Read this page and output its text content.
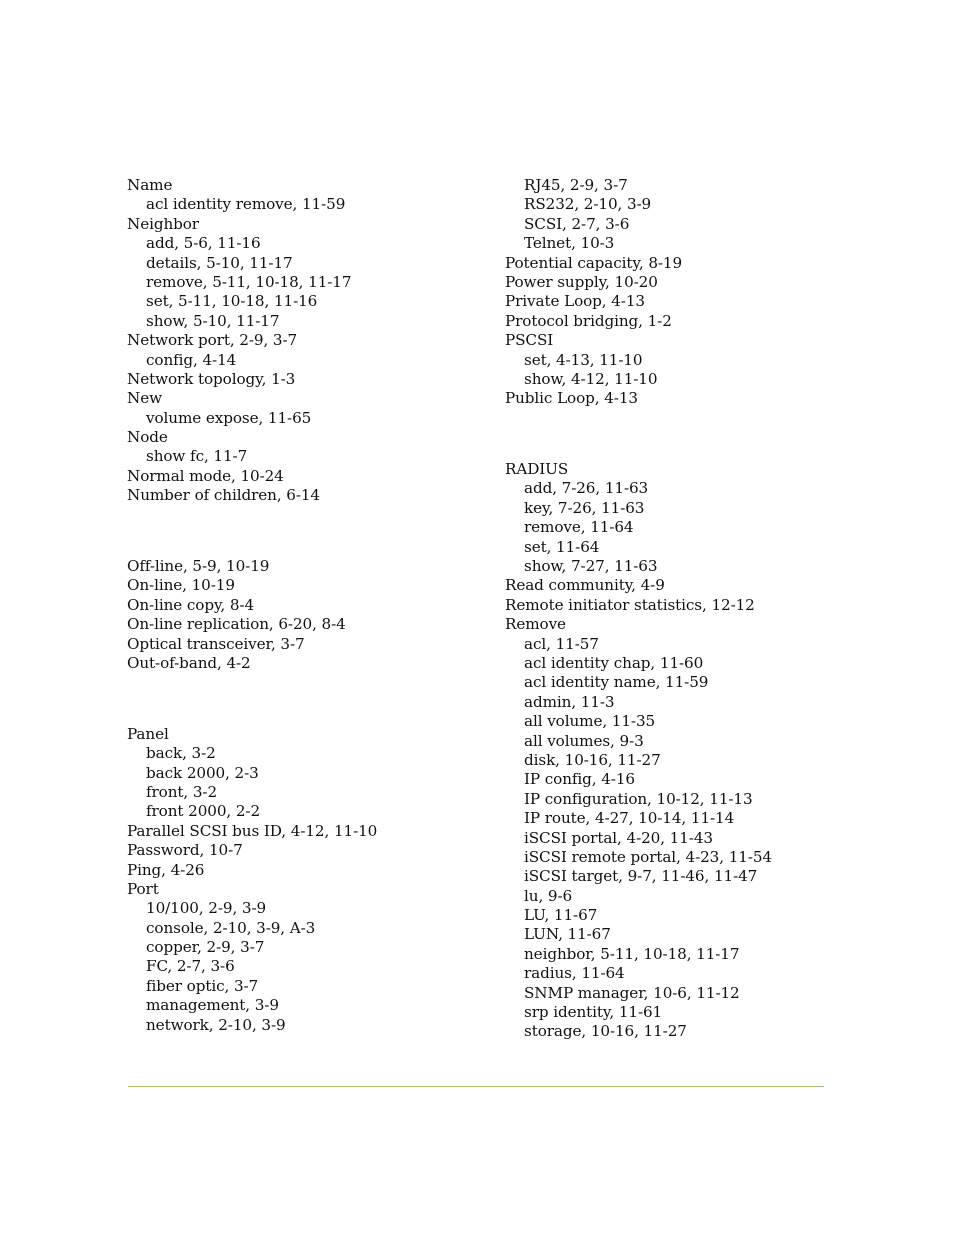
Name
acl identity remove, 11-59
Neighbor
add, 5-6, 11-16
details, 5-10, 11-17
remove, 5-11, 10-18, 11-17
set, 5-11, 10-18, 11-16
show, 5-10, 11-17
Network port, 2-9, 3-7
config, 4-14
Network topology, 1-3
New
volume expose, 11-65
Node
show fc, 11-7
Normal mode, 10-24
Number of children, 6-14
Off-line, 5-9, 10-19
On-line, 10-19
On-line copy, 8-4
On-line replication, 6-20, 8-4
Optical transceiver, 3-7
Out-of-band, 4-2
Panel
back, 3-2
back 2000, 2-3
front, 3-2
front 2000, 2-2
Parallel SCSI bus ID, 4-12, 11-10
Password, 10-7
Ping, 4-26
Port
10/100, 2-9, 3-9
console, 2-10, 3-9, A-3
copper, 2-9, 3-7
FC, 2-7, 3-6
fiber optic, 3-7
management, 3-9
network, 2-10, 3-9
RJ45, 2-9, 3-7
RS232, 2-10, 3-9
SCSI, 2-7, 3-6
Telnet, 10-3
Potential capacity, 8-19
Power supply, 10-20
Private Loop, 4-13
Protocol bridging, 1-2
PSCSI
set, 4-13, 11-10
show, 4-12, 11-10
Public Loop, 4-13
RADIUS
add, 7-26, 11-63
key, 7-26, 11-63
remove, 11-64
set, 11-64
show, 7-27, 11-63
Read community, 4-9
Remote initiator statistics, 12-12
Remove
acl, 11-57
acl identity chap, 11-60
acl identity name, 11-59
admin, 11-3
all volume, 11-35
all volumes, 9-3
disk, 10-16, 11-27
IP config, 4-16
IP configuration, 10-12, 11-13
IP route, 4-27, 10-14, 11-14
iSCSI portal, 4-20, 11-43
iSCSI remote portal, 4-23, 11-54
iSCSI target, 9-7, 11-46, 11-47
lu, 9-6
LU, 11-67
LUN, 11-67
neighbor, 5-11, 10-18, 11-17
radius, 11-64
SNMP manager, 10-6, 11-12
srp identity, 11-61
storage, 10-16, 11-27
